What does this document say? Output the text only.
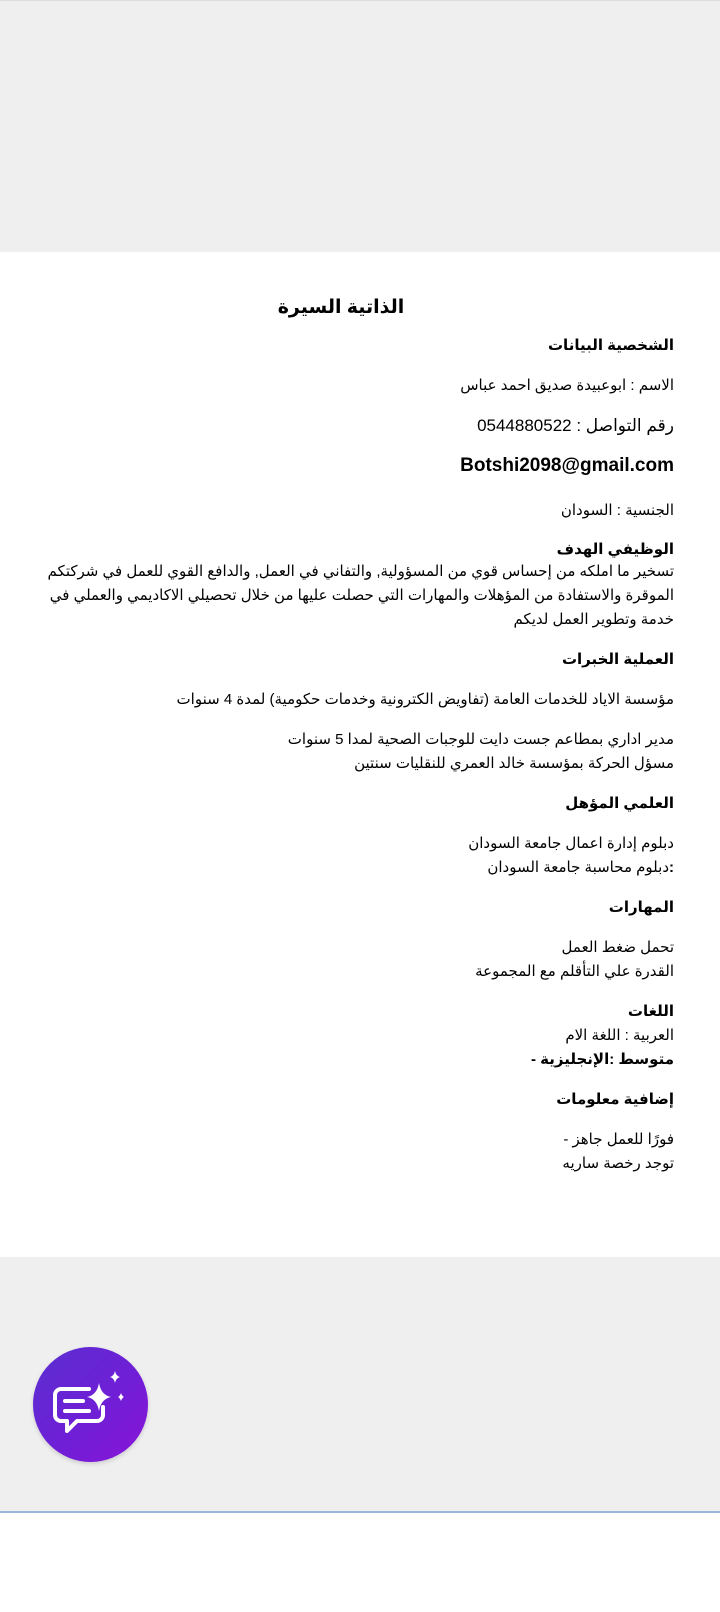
الذاتية السيرة
الشخصية البيانات
الاسم : ابوعبيدة صديق احمد عباس
رقم التواصل : 0544880522
Botshi2098@gmail.com
الجنسية : السودان
الوظيفي الهدف
تسخير ما املكه من إحساس قوي من المسؤولية, والتفاني في العمل, والدافع القوي للعمل في شركتكم
الموقرة والاستفادة من المؤهلات والمهارات التي حصلت عليها من خلال تحصيلي الاكاديمي والعملي في
خدمة وتطوير العمل لديكم
العملية الخبرات
مؤسسة الاياد للخدمات العامة (تفاويض الكترونية وخدمات حكومية) لمدة 4 سنوات
مدير اداري بمطاعم جست دايت للوجبات الصحية لمدا 5 سنوات
مسؤل الحركة بمؤسسة خالد العمري للنقليات سنتين
العلمي المؤهل
دبلوم إدارة اعمال جامعة السودان
:دبلوم محاسبة جامعة السودان
المهارات
تحمل ضغط العمل
القدرة علي التأقلم مع المجموعة
اللغات
العربية : اللغة الام
متوسط :الإنجليزية -
إضافية معلومات
فورًا للعمل جاهز -
توجد رخصة ساريه
